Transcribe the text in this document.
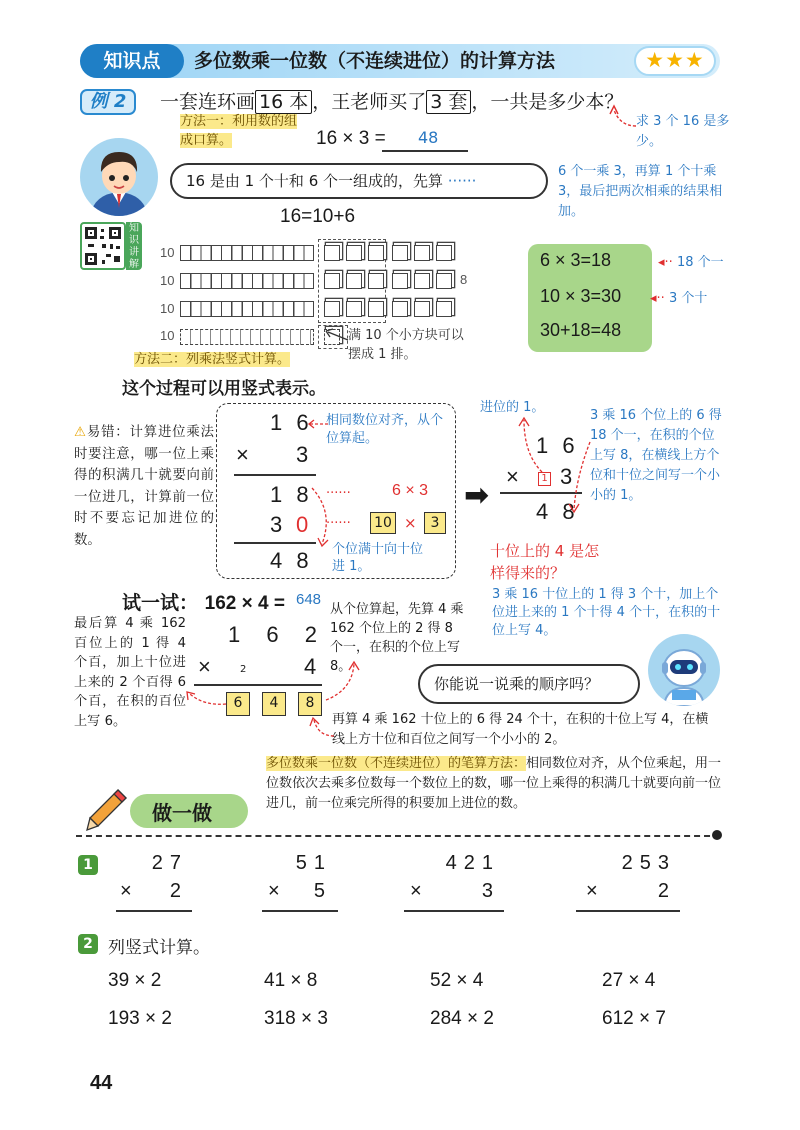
知识点	多位数乘一位数（不连续进位）的计算方法	★★★
例 2	一套连环画 16 本 ，王老师买了 3 套 ，一共是多少本？
方法一：利用数的组成口算。	16 × 3 = 48
求 3 个 16 是多少。
16 是由 1 个十和 6 个一组成的，先算 ······
6 个一乘 3，再算 1 个十乘 3，最后把两次相乘的结果相加。
16=10+6
知识讲解
10
10
10
10
8
6 × 3=18
10 × 3=30
30+18=48
◂·· 18 个一
◂·· 3 个十
方法二：列乘法竖式计算。
满 10 个小方块可以摆成 1 排。
这个过程可以用竖式表示。
⚠易错：计算进位乘法时要注意，哪一位上乘得的积满几十就要向前一位进几，计算前一位时不要忘记加进位的数。
1 6
× 3
1 8
3 0
4 8
相同数位对齐，从个位算起。
······	6 × 3
······ 10 × 3
个位满十向十位进 1。
➡
进位的 1。
1 6
×	1 3
4 8
3 乘 16 个位上的 6 得 18 个一，在积的个位上写 8，在横线上方个位和十位之间写一个小小的 1。
十位上的 4 是怎样得来的？
3 乘 16 十位上的 1 得 3 个十，加上个位进上来的 1 个十得 4 个十，在积的十位上写 4。
试一试： 162 × 4 = 648
最后算 4 乘 162 百位上的 1 得 4 个百，加上十位进上来的 2 个百得 6 个百，在积的百位上写 6。
1 6 2
×	2	4
6	4	8
从个位算起，先算 4 乘 162 个位上的 2 得 8 个一，在积的个位上写 8。
你能说一说乘的顺序吗？
再算 4 乘 162 十位上的 6 得 24 个十，在积的十位上写 4，在横线上方十位和百位之间写一个小小的 2。
多位数乘一位数（不连续进位）的笔算方法：相同数位对齐，从个位乘起，用一位数依次去乘多位数每一个数位上的数，哪一位上乘得的积满几十就要向前一位进几，前一位乘完所得的积要加上进位的数。
做一做
1	27
×	2
51
×	5
421
×	3
253
×	2
2 列竖式计算。
39 × 2	41 × 8	52 × 4	27 × 4
193 × 2	318 × 3	284 × 2	612 × 7
44
